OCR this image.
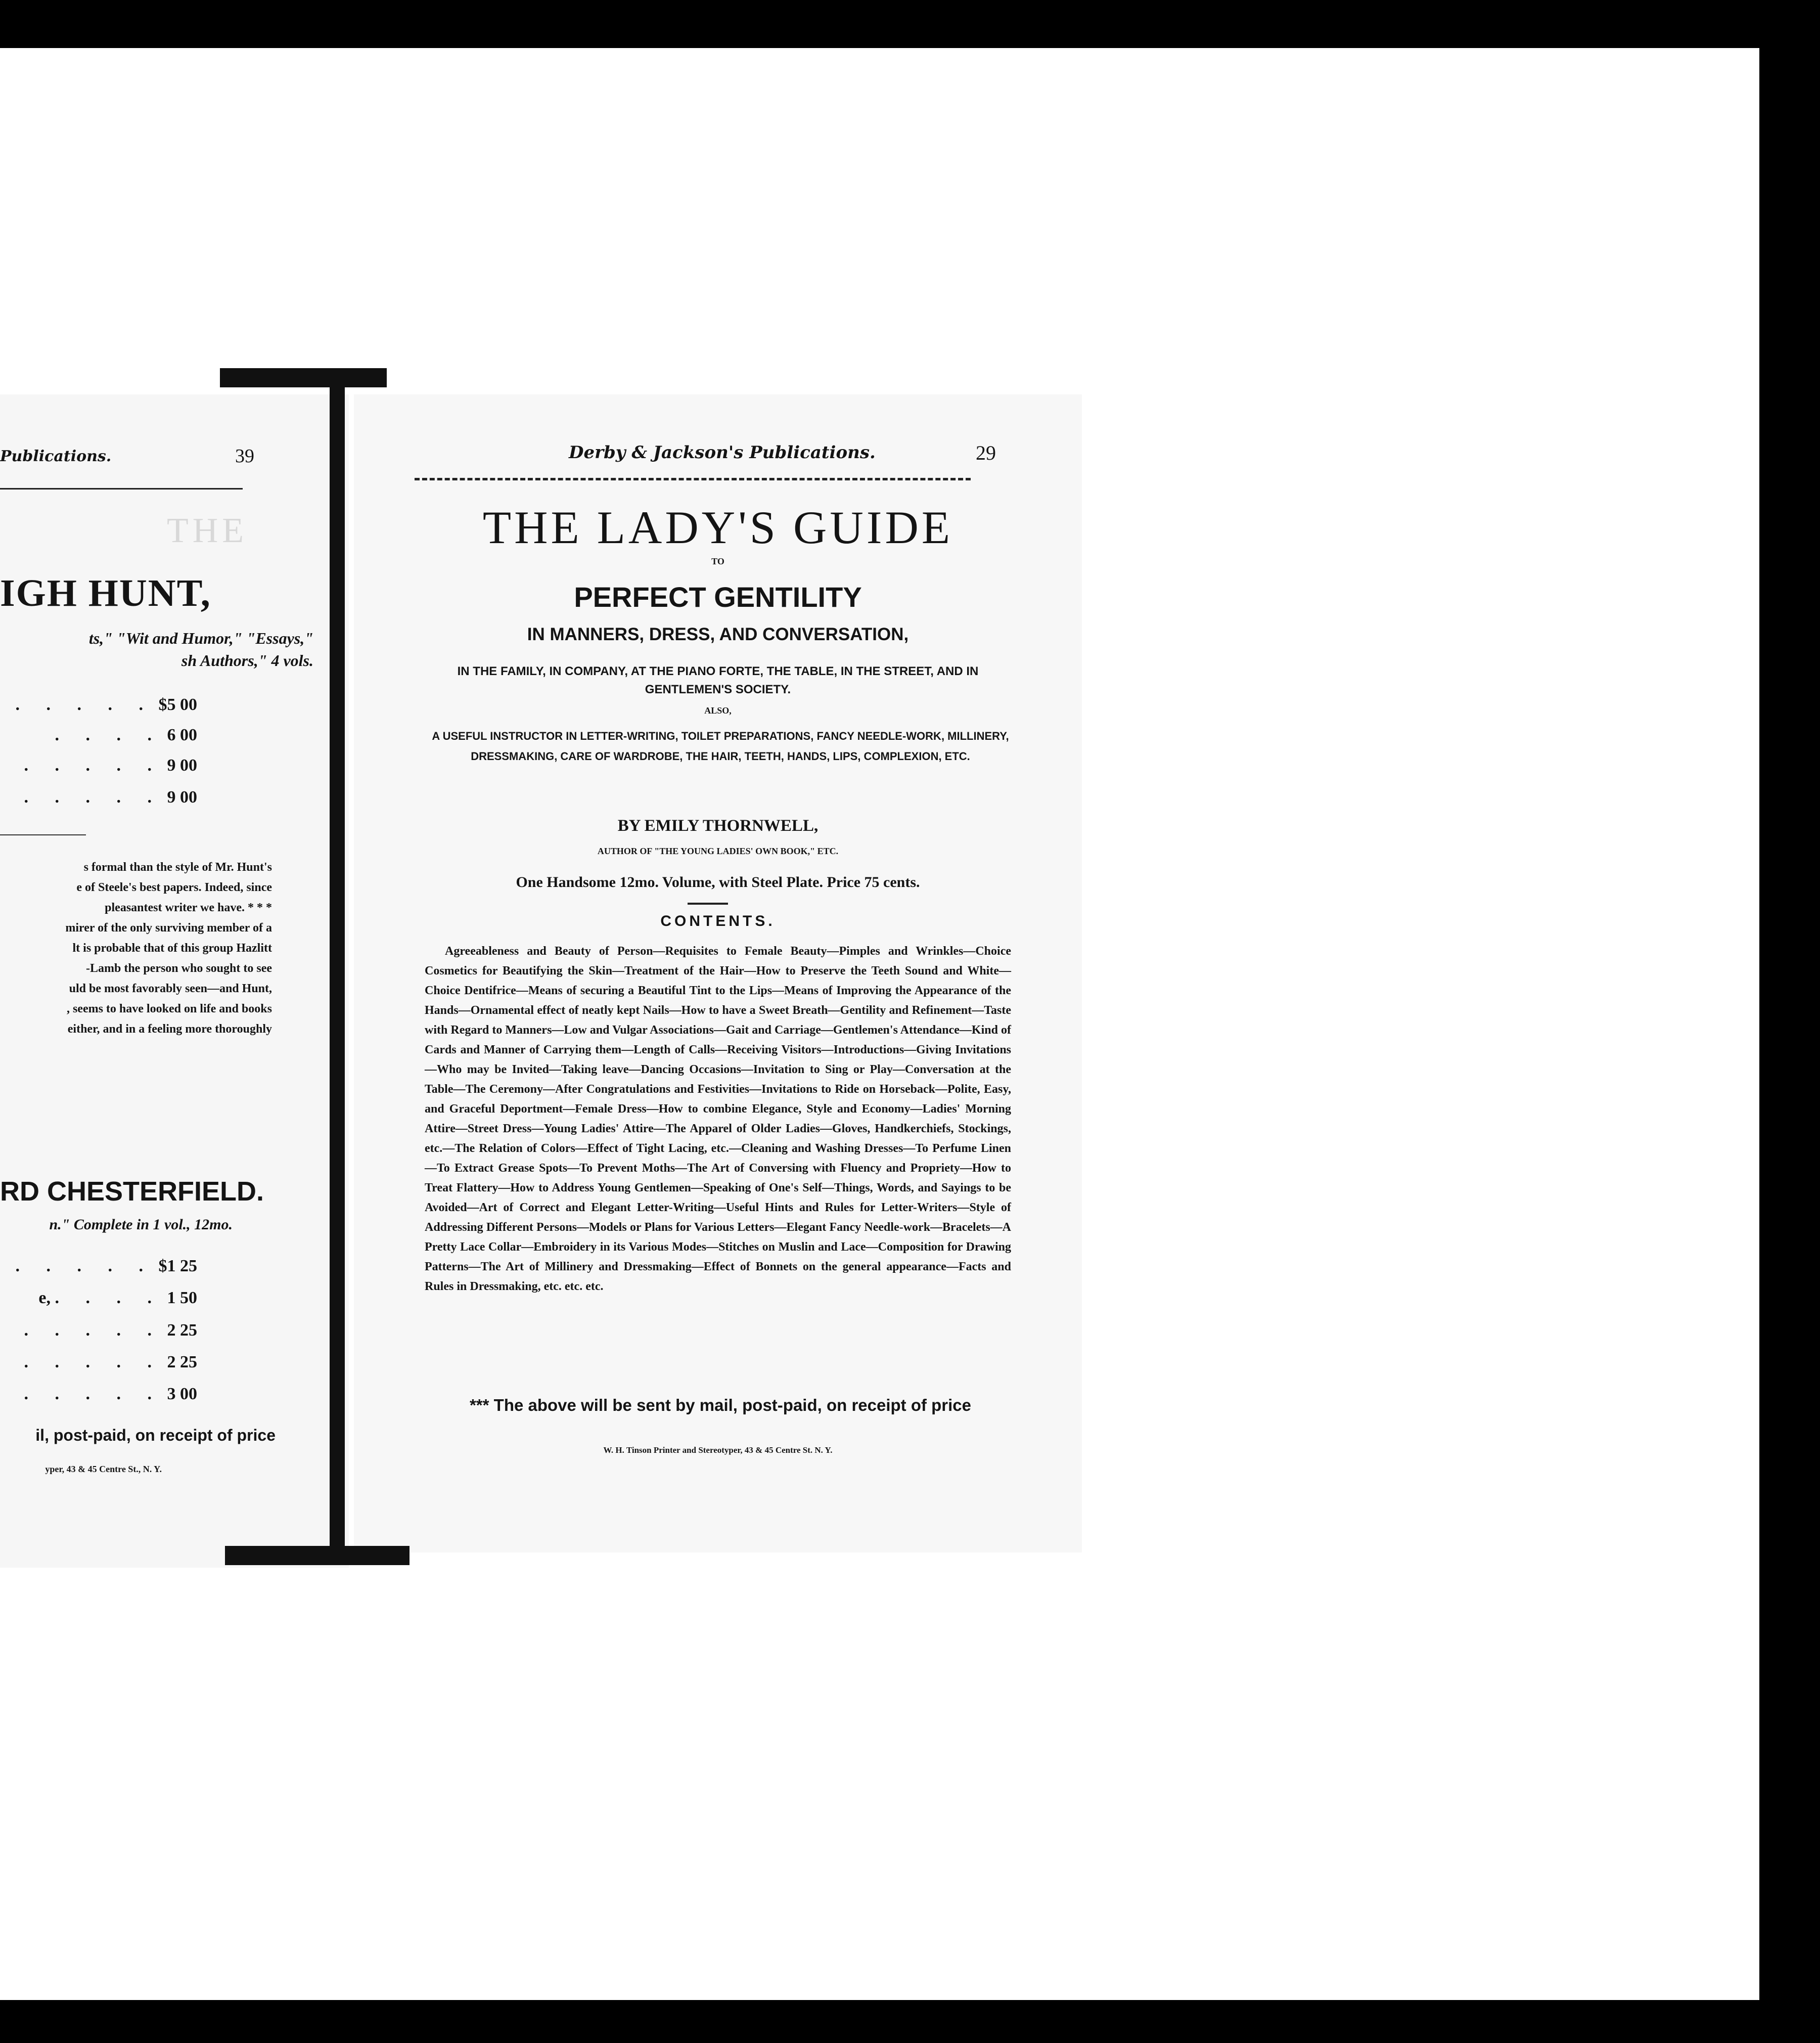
Publications.	39
THE
IGH HUNT,
ts," "Wit and Humor," "Essays,"
sh Authors," 4 vols.
. . . . . $5 00
. . . . 6 00
. . . . . 9 00
. . . . . 9 00
s formal than the style of Mr. Hunt's
e of Steele's best papers. Indeed, since
pleasantest writer we have. * * *
mirer of the only surviving member of a
lt is probable that of this group Hazlitt
-Lamb the person who sought to see
uld be most favorably seen—and Hunt,
, seems to have looked on life and books
either, and in a feeling more thoroughly
RD CHESTERFIELD.
n." Complete in 1 vol., 12mo.
. . . . . $1 25
e, . . . . 1 50
. . . . . 2 25
. . . . . 2 25
. . . . . 3 00
il, post-paid, on receipt of price
yper, 43 & 45 Centre St., N. Y.
Derby & Jackson's Publications.	29
THE LADY'S GUIDE
TO
PERFECT GENTILITY
IN MANNERS, DRESS, AND CONVERSATION,
IN THE FAMILY, IN COMPANY, AT THE PIANO FORTE, THE TABLE, IN THE STREET, AND IN GENTLEMEN'S SOCIETY.
ALSO,
A USEFUL INSTRUCTOR IN LETTER-WRITING, TOILET PREPARATIONS, FANCY NEEDLE-WORK, MILLINERY, DRESSMAKING, CARE OF WARDROBE, THE HAIR, TEETH, HANDS, LIPS, COMPLEXION, ETC.
BY EMILY THORNWELL,
AUTHOR OF "THE YOUNG LADIES' OWN BOOK," ETC.
One Handsome 12mo. Volume, with Steel Plate. Price 75 cents.
CONTENTS.
Agreeableness and Beauty of Person—Requisites to Female Beauty—Pimples and Wrinkles—Choice Cosmetics for Beautifying the Skin—Treatment of the Hair—How to Preserve the Teeth Sound and White—Choice Dentifrice—Means of securing a Beautiful Tint to the Lips—Means of Improving the Appearance of the Hands—Ornamental effect of neatly kept Nails—How to have a Sweet Breath—Gentility and Refinement—Taste with Regard to Manners—Low and Vulgar Associations—Gait and Carriage—Gentlemen's Attendance—Kind of Cards and Manner of Carrying them—Length of Calls—Receiving Visitors—Introductions—Giving Invitations—Who may be Invited—Taking leave—Dancing Occasions—Invitation to Sing or Play—Conversation at the Table—The Ceremony—After Congratulations and Festivities—Invitations to Ride on Horseback—Polite, Easy, and Graceful Deportment—Female Dress—How to combine Elegance, Style and Economy—Ladies' Morning Attire—Street Dress—Young Ladies' Attire—The Apparel of Older Ladies—Gloves, Handkerchiefs, Stockings, etc.—The Relation of Colors—Effect of Tight Lacing, etc.—Cleaning and Washing Dresses—To Perfume Linen—To Extract Grease Spots—To Prevent Moths—The Art of Conversing with Fluency and Propriety—How to Treat Flattery—How to Address Young Gentlemen—Speaking of One's Self—Things, Words, and Sayings to be Avoided—Art of Correct and Elegant Letter-Writing—Useful Hints and Rules for Letter-Writers—Style of Addressing Different Persons—Models or Plans for Various Letters—Elegant Fancy Needle-work—Bracelets—A Pretty Lace Collar—Embroidery in its Various Modes—Stitches on Muslin and Lace—Composition for Drawing Patterns—The Art of Millinery and Dressmaking—Effect of Bonnets on the general appearance—Facts and Rules in Dressmaking, etc. etc. etc.
*** The above will be sent by mail, post-paid, on receipt of price
W. H. Tinson Printer and Stereotyper, 43 & 45 Centre St. N. Y.
